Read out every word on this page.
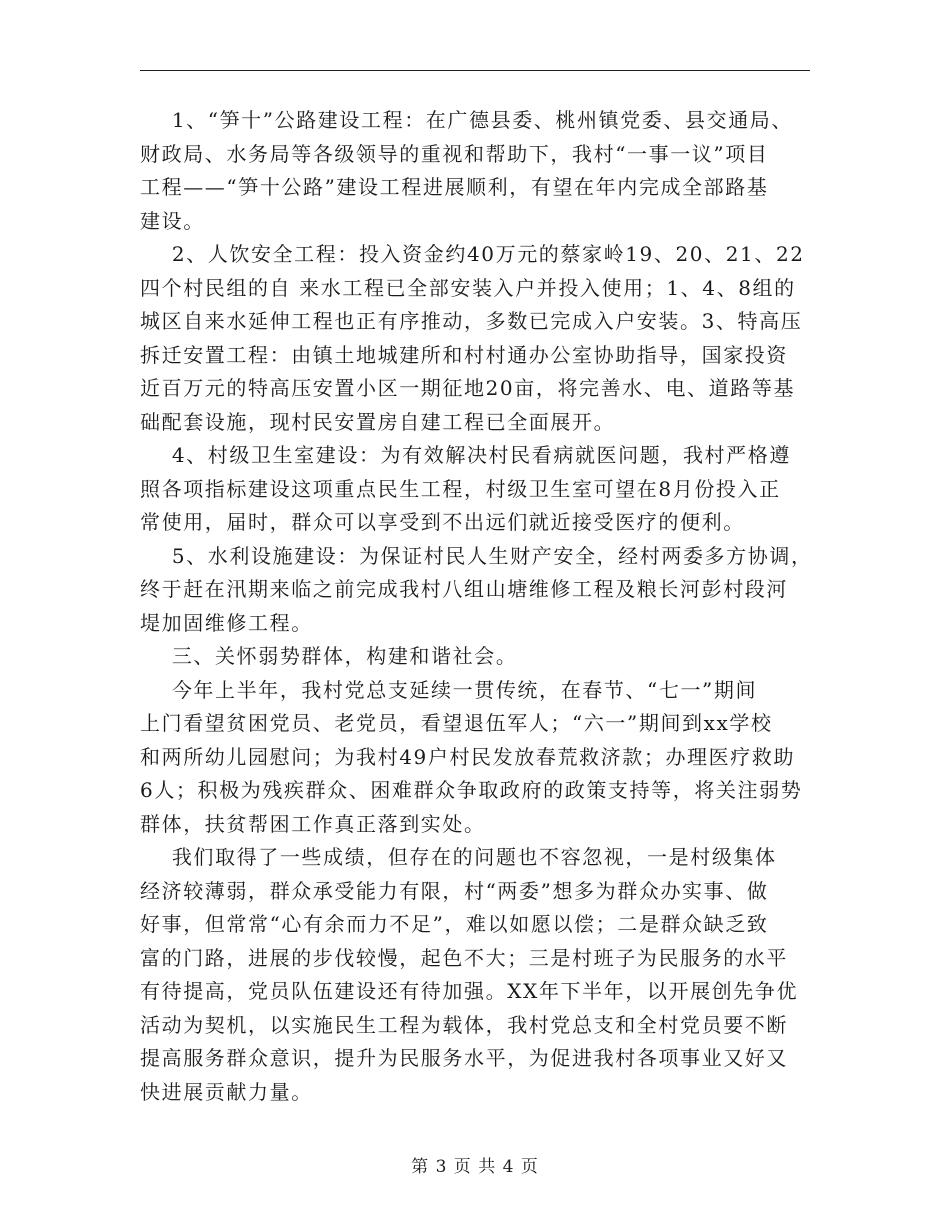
1、“笋十”公路建设工程：在广德县委、桃州镇党委、县交通局、
财政局、水务局等各级领导的重视和帮助下，我村“一事一议”项目
工程——“笋十公路”建设工程进展顺利，有望在年内完成全部路基
建设。
2、人饮安全工程：投入资金约40万元的蔡家岭19、20、21、22
四个村民组的自 来水工程已全部安装入户并投入使用；1、4、8组的
城区自来水延伸工程也正有序推动，多数已完成入户安装。3、特高压
拆迁安置工程：由镇土地城建所和村村通办公室协助指导，国家投资
近百万元的特高压安置小区一期征地20亩，将完善水、电、道路等基
础配套设施，现村民安置房自建工程已全面展开。
4、村级卫生室建设：为有效解决村民看病就医问题，我村严格遵
照各项指标建设这项重点民生工程，村级卫生室可望在8月份投入正
常使用，届时，群众可以享受到不出远们就近接受医疗的便利。
5、水利设施建设：为保证村民人生财产安全，经村两委多方协调，
终于赶在汛期来临之前完成我村八组山塘维修工程及粮长河彭村段河
堤加固维修工程。
三、关怀弱势群体，构建和谐社会。
今年上半年，我村党总支延续一贯传统，在春节、“七一”期间
上门看望贫困党员、老党员，看望退伍军人；“六一”期间到xx学校
和两所幼儿园慰问；为我村49户村民发放春荒救济款；办理医疗救助
6人；积极为残疾群众、困难群众争取政府的政策支持等，将关注弱势
群体，扶贫帮困工作真正落到实处。
我们取得了一些成绩，但存在的问题也不容忽视，一是村级集体
经济较薄弱，群众承受能力有限，村“两委”想多为群众办实事、做
好事，但常常“心有余而力不足”，难以如愿以偿；二是群众缺乏致
富的门路，进展的步伐较慢，起色不大；三是村班子为民服务的水平
有待提高，党员队伍建设还有待加强。XX年下半年，以开展创先争优
活动为契机，以实施民生工程为载体，我村党总支和全村党员要不断
提高服务群众意识，提升为民服务水平，为促进我村各项事业又好又
快进展贡献力量。
第 3 页 共 4 页
